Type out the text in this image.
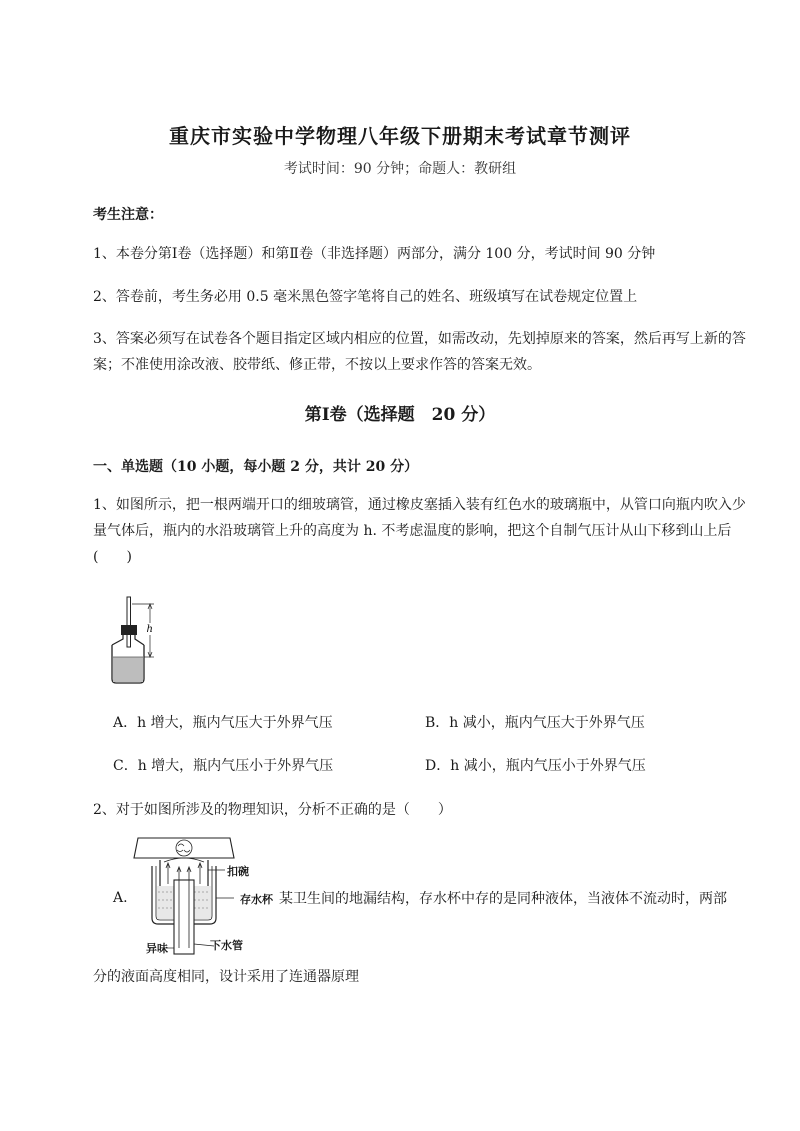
重庆市实验中学物理八年级下册期末考试章节测评
考试时间：90 分钟；命题人：教研组
考生注意：
1、本卷分第Ⅰ卷（选择题）和第Ⅱ卷（非选择题）两部分，满分 100 分，考试时间 90 分钟
2、答卷前，考生务必用 0.5 毫米黑色签字笔将自己的姓名、班级填写在试卷规定位置上
3、答案必须写在试卷各个题目指定区域内相应的位置，如需改动，先划掉原来的答案，然后再写上新的答案；不准使用涂改液、胶带纸、修正带，不按以上要求作答的答案无效。
第Ⅰ卷（选择题　20 分）
一、单选题（10 小题，每小题 2 分，共计 20 分）
1、如图所示，把一根两端开口的细玻璃管，通过橡皮塞插入装有红色水的玻璃瓶中，从管口向瓶内吹入少量气体后，瓶内的水沿玻璃管上升的高度为 h. 不考虑温度的影响，把这个自制气压计从山下移到山上后(　　)
h
A．h 增大，瓶内气压大于外界气压	B．h 减小，瓶内气压大于外界气压
C．h 增大，瓶内气压小于外界气压	D．h 减小，瓶内气压小于外界气压
2、对于如图所涉及的物理知识，分析不正确的是（　　）
A.
扣碗
存水杯
异味	下水管
某卫生间的地漏结构，存水杯中存的是同种液体，当液体不流动时，两部
分的液面高度相同，设计采用了连通器原理
